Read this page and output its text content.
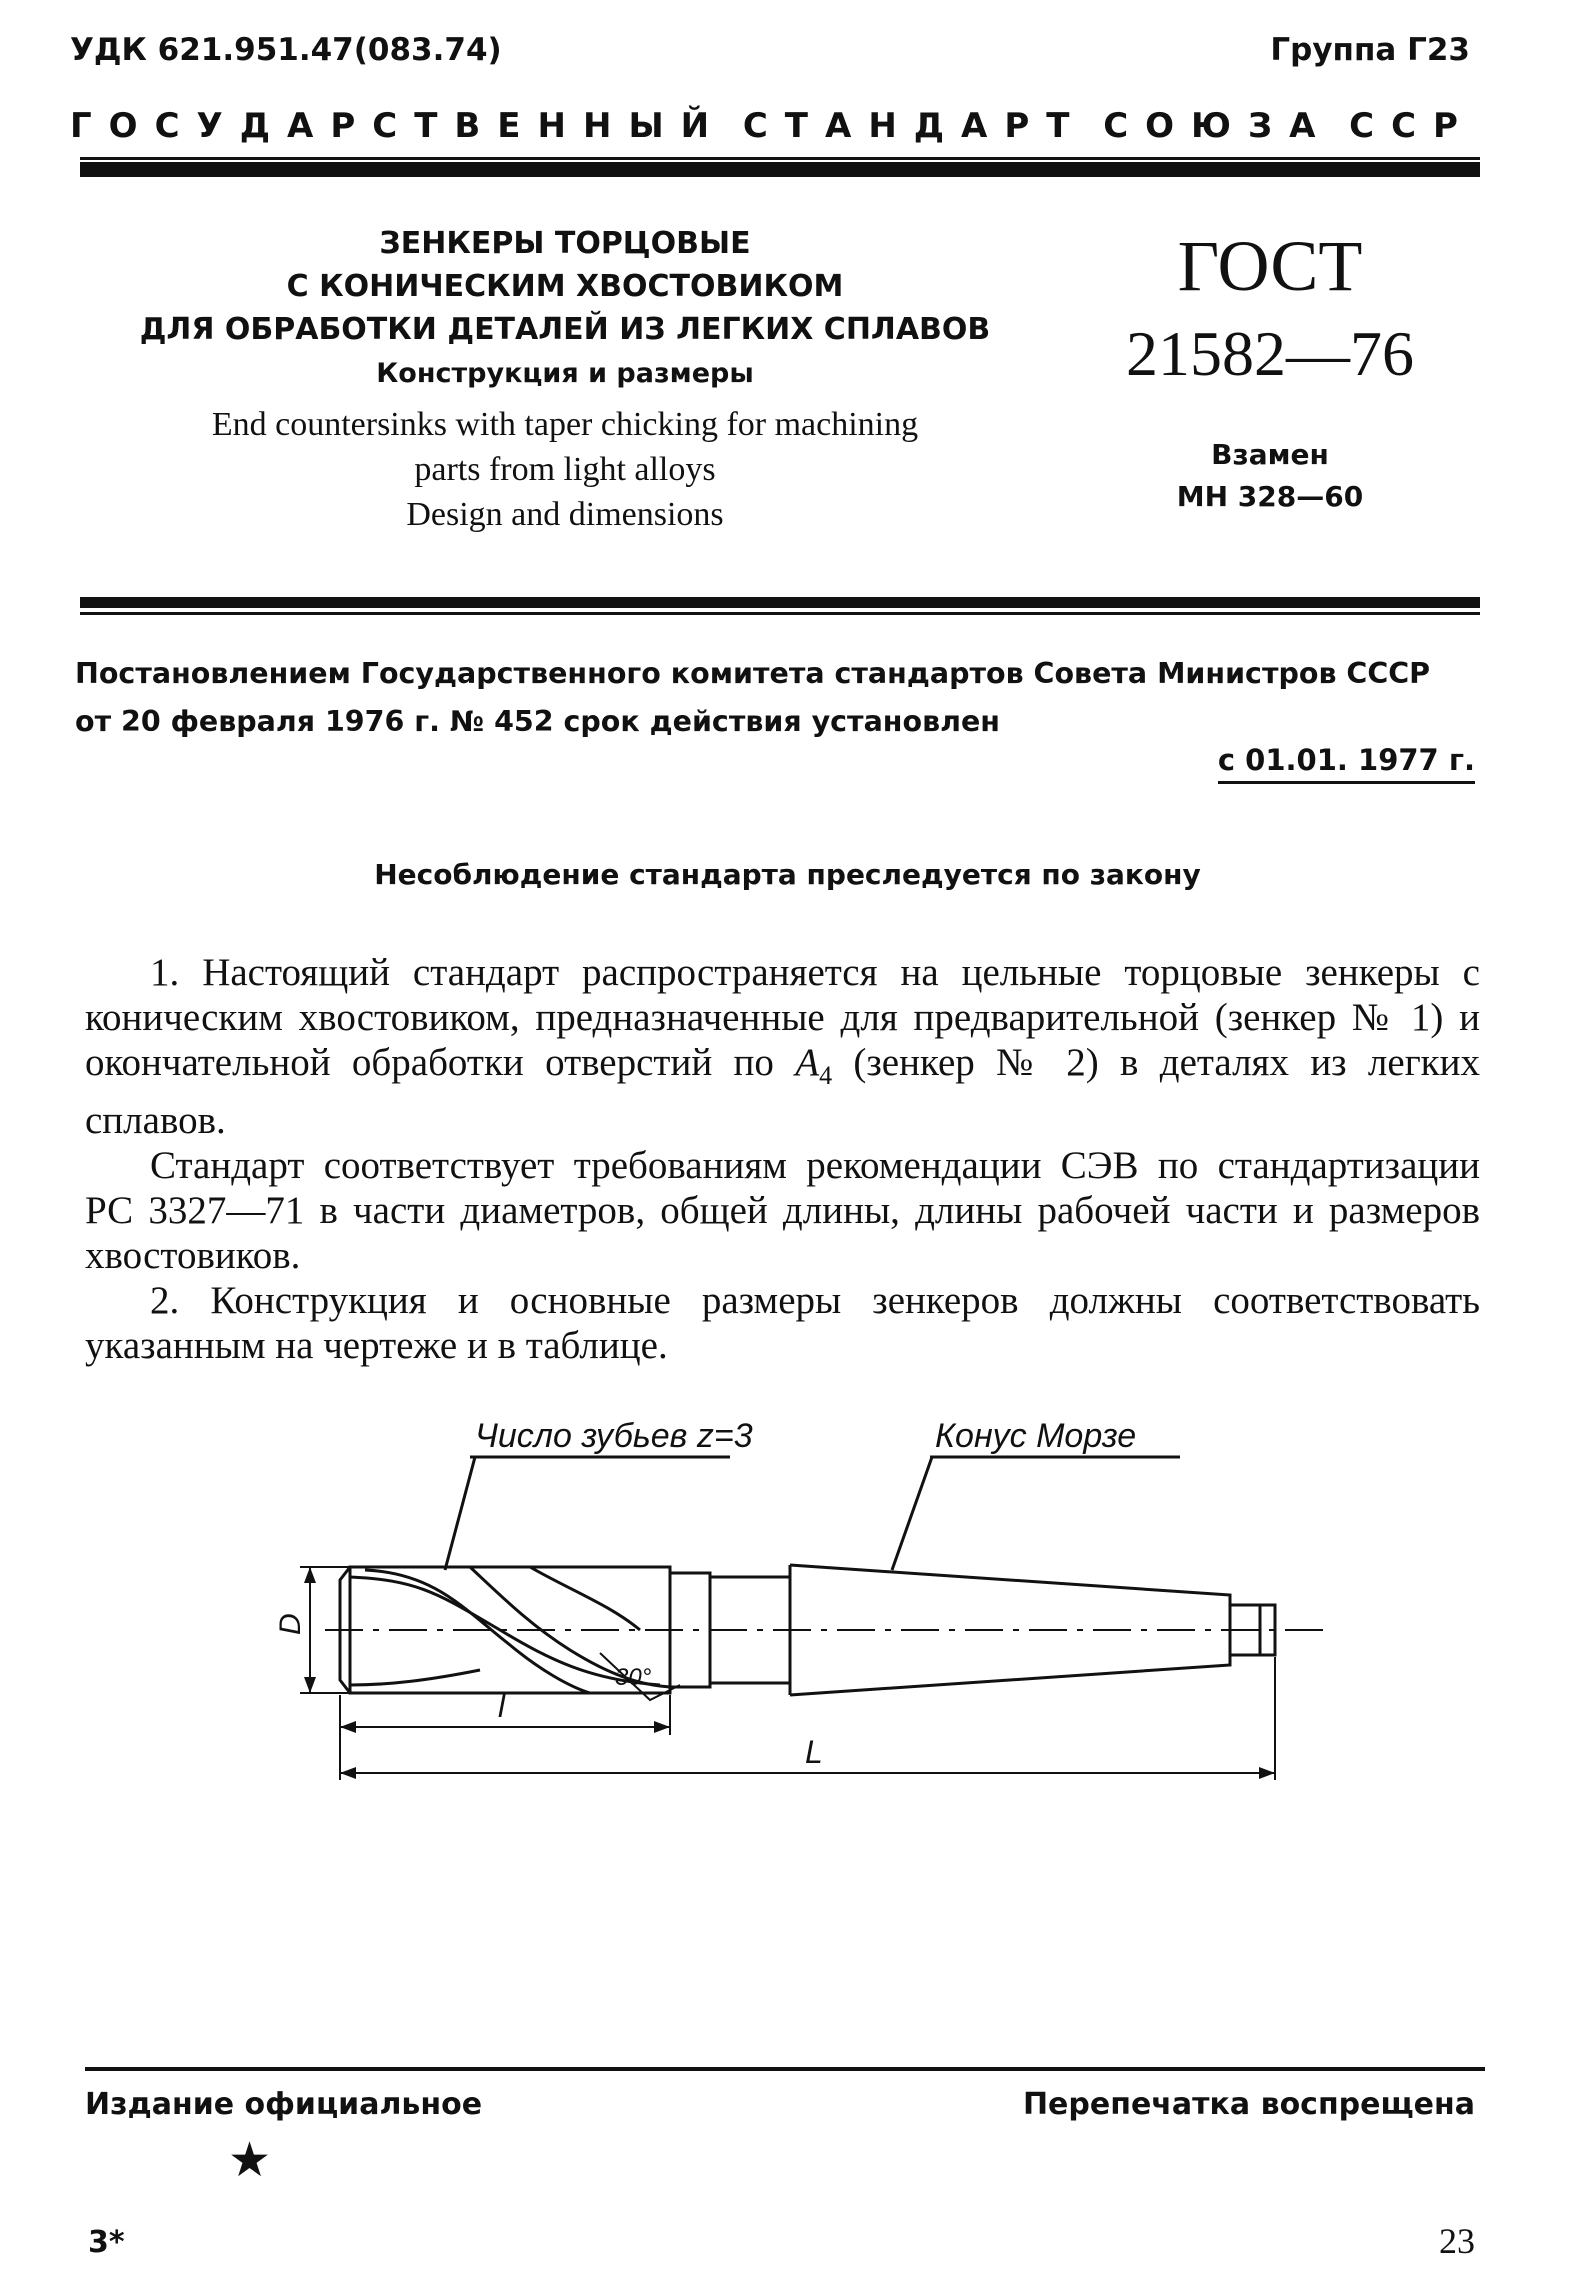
УДК 621.951.47(083.74)	Группа Г23
ГОСУДАРСТВЕННЫЙ СТАНДАРТ СОЮЗА ССР
ЗЕНКЕРЫ ТОРЦОВЫЕ
С КОНИЧЕСКИМ ХВОСТОВИКОМ
ДЛЯ ОБРАБОТКИ ДЕТАЛЕЙ ИЗ ЛЕГКИХ СПЛАВОВ
Конструкция и размеры
End countersinks with taper chicking for machining
parts from light alloys
Design and dimensions
ГОСТ
21582—76
Взамен
МН 328—60
Постановлением Государственного комитета стандартов Совета Министров СССР
от 20 февраля 1976 г. № 452 срок действия установлен
с 01.01. 1977 г.
Несоблюдение стандарта преследуется по закону

1. Настоящий стандарт распространяется на цельные торцовые зенкеры с коническим хвостовиком, предназначенные для предварительной (зенкер № 1) и окончательной обработки отверстий по $A_4$ (зенкер № 2) в деталях из легких сплавов.

Стандарт соответствует требованиям рекомендации СЭВ по стандартизации РС 3327—71 в части диаметров, общей длины, длины рабочей части и размеров хвостовиков.

2. Конструкция и основные размеры зенкеров должны соответствовать указанным на чертеже и в таблице.

Число зубьев z=3	Конус Морзе
D
l
L
30°
Издание официальное	Перепечатка воспрещена
★
3*	23
